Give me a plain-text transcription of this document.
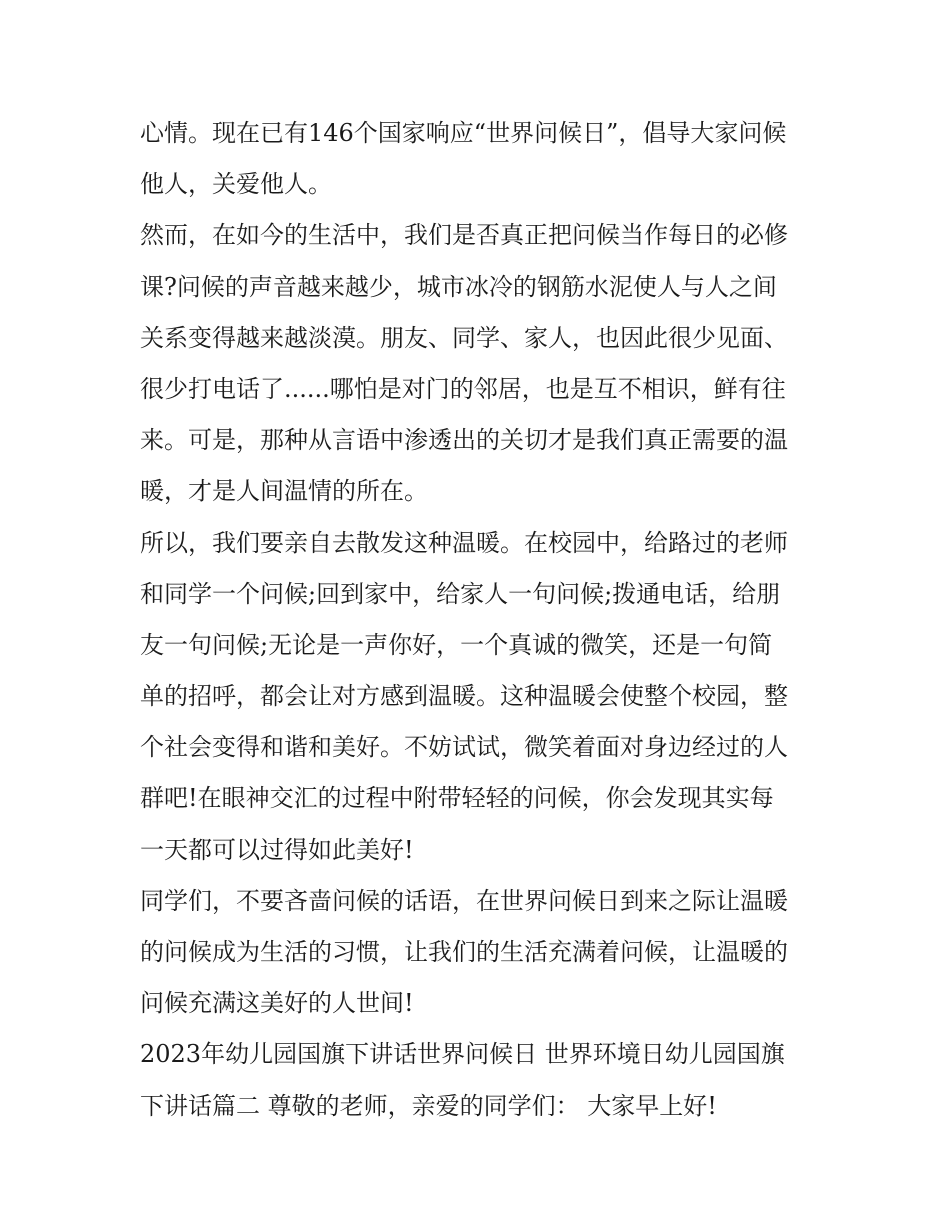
心情。现在已有146个国家响应“世界问候日”，倡导大家问候
他人，关爱他人。
然而，在如今的生活中，我们是否真正把问候当作每日的必修
课?问候的声音越来越少，城市冰冷的钢筋水泥使人与人之间
关系变得越来越淡漠。朋友、同学、家人，也因此很少见面、
很少打电话了......哪怕是对门的邻居，也是互不相识，鲜有往
来。可是，那种从言语中渗透出的关切才是我们真正需要的温
暖，才是人间温情的所在。
所以，我们要亲自去散发这种温暖。在校园中，给路过的老师
和同学一个问候;回到家中，给家人一句问候;拨通电话，给朋
友一句问候;无论是一声你好，一个真诚的微笑，还是一句简
单的招呼，都会让对方感到温暖。这种温暖会使整个校园，整
个社会变得和谐和美好。不妨试试，微笑着面对身边经过的人
群吧!在眼神交汇的过程中附带轻轻的问候，你会发现其实每
一天都可以过得如此美好!
同学们，不要吝啬问候的话语，在世界问候日到来之际让温暖
的问候成为生活的习惯，让我们的生活充满着问候，让温暖的
问候充满这美好的人世间!
2023年幼儿园国旗下讲话世界问候日 世界环境日幼儿园国旗
下讲话篇二 尊敬的老师，亲爱的同学们： 大家早上好!
